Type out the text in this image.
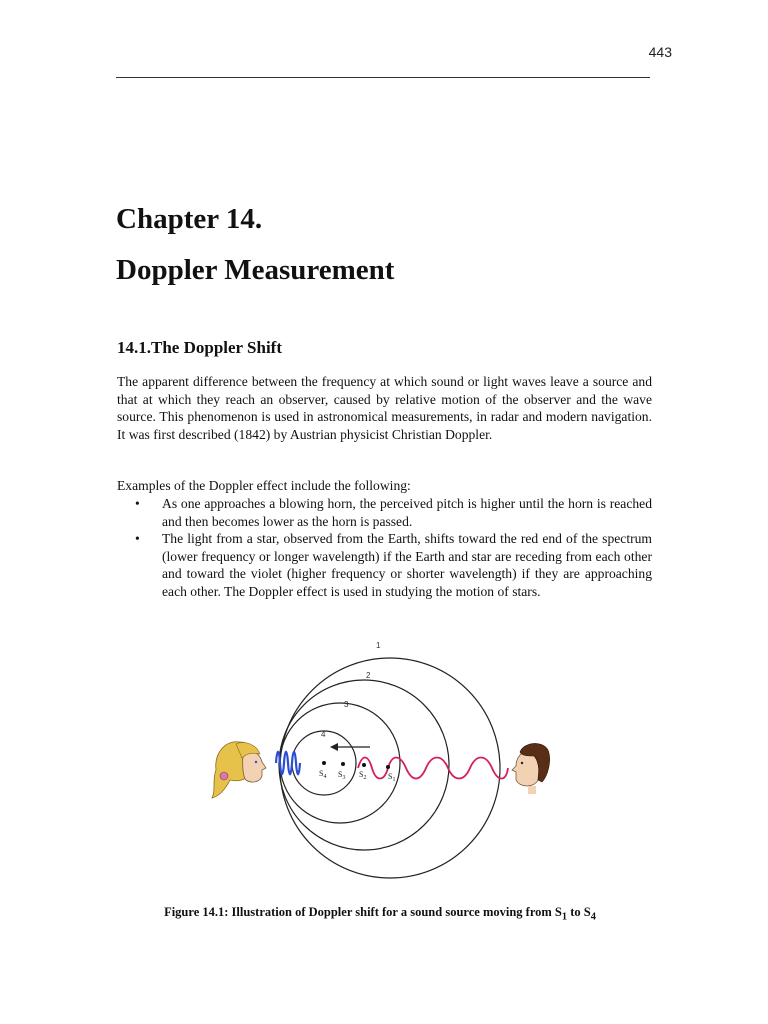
443
Chapter 14.
Doppler Measurement
14.1.The Doppler Shift

The apparent difference between the frequency at which sound or light waves leave a source and that at which they reach an observer, caused by relative motion of the observer and the wave source. This phenomenon is used in astronomical measurements, in radar and modern navigation. It was first described (1842) by Austrian physicist Christian Doppler.

Examples of the Doppler effect include the following:

• As one approaches a blowing horn, the perceived pitch is higher until the horn is reached and then becomes lower as the horn is passed.
• The light from a star, observed from the Earth, shifts toward the red end of the spectrum (lower frequency or longer wavelength) if the Earth and star are receding from each other and toward the violet (higher frequency or shorter wavelength) if they are approaching each other. The Doppler effect is used in studying the motion of stars.
1
2
3
4
$S_4$ $S_3$ $S_2$	$S_1$

Figure 14.1: Illustration of Doppler shift for a sound source moving from $S_1$ to $S_4$
